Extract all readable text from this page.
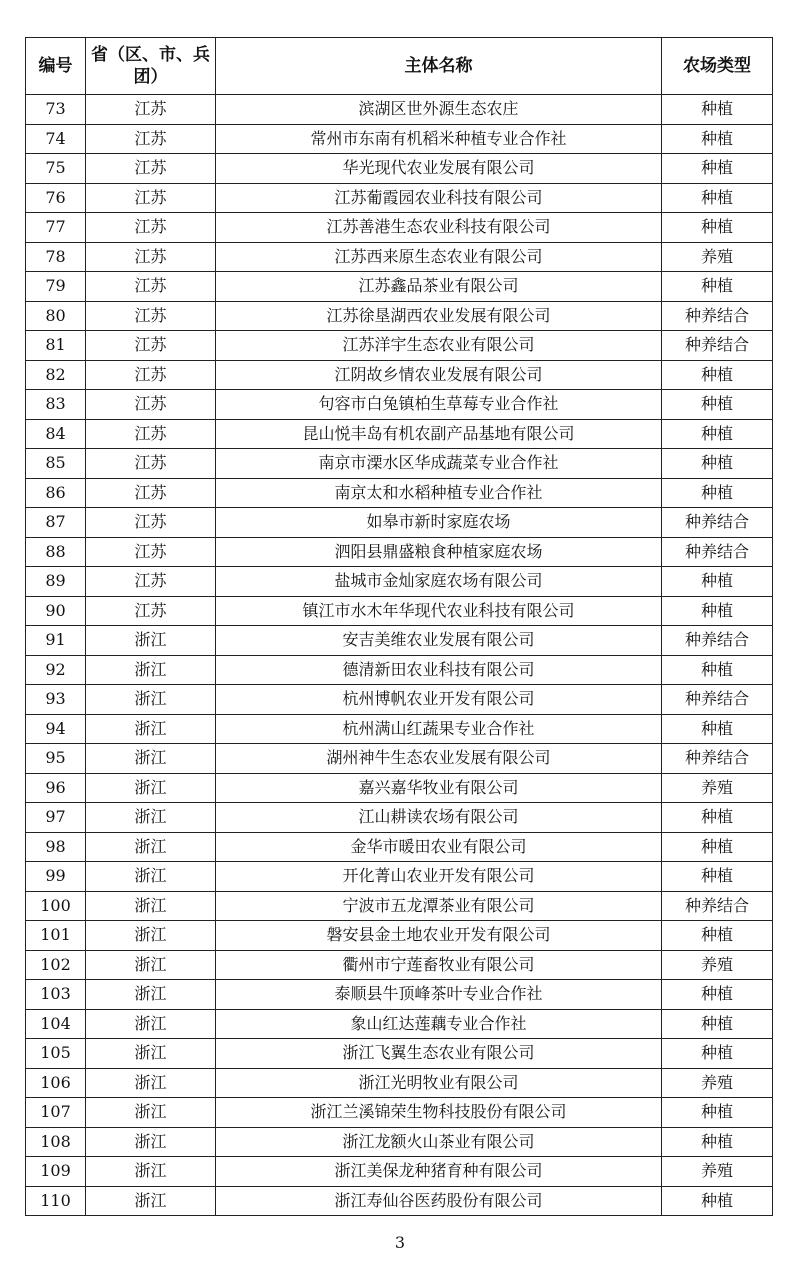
编号	省（区、市、兵团）	主体名称	农场类型
73	江苏	滨湖区世外源生态农庄	种植
74	江苏	常州市东南有机稻米种植专业合作社	种植
75	江苏	华光现代农业发展有限公司	种植
76	江苏	江苏葡霞园农业科技有限公司	种植
77	江苏	江苏善港生态农业科技有限公司	种植
78	江苏	江苏西来原生态农业有限公司	养殖
79	江苏	江苏鑫品茶业有限公司	种植
80	江苏	江苏徐垦湖西农业发展有限公司	种养结合
81	江苏	江苏洋宇生态农业有限公司	种养结合
82	江苏	江阴故乡情农业发展有限公司	种植
83	江苏	句容市白兔镇柏生草莓专业合作社	种植
84	江苏	昆山悦丰岛有机农副产品基地有限公司	种植
85	江苏	南京市溧水区华成蔬菜专业合作社	种植
86	江苏	南京太和水稻种植专业合作社	种植
87	江苏	如皋市新时家庭农场	种养结合
88	江苏	泗阳县鼎盛粮食种植家庭农场	种养结合
89	江苏	盐城市金灿家庭农场有限公司	种植
90	江苏	镇江市水木年华现代农业科技有限公司	种植
91	浙江	安吉美维农业发展有限公司	种养结合
92	浙江	德清新田农业科技有限公司	种植
93	浙江	杭州博帆农业开发有限公司	种养结合
94	浙江	杭州满山红蔬果专业合作社	种植
95	浙江	湖州神牛生态农业发展有限公司	种养结合
96	浙江	嘉兴嘉华牧业有限公司	养殖
97	浙江	江山耕读农场有限公司	种植
98	浙江	金华市暖田农业有限公司	种植
99	浙江	开化菁山农业开发有限公司	种植
100	浙江	宁波市五龙潭茶业有限公司	种养结合
101	浙江	磐安县金土地农业开发有限公司	种植
102	浙江	衢州市宁莲畜牧业有限公司	养殖
103	浙江	泰顺县牛顶峰茶叶专业合作社	种植
104	浙江	象山红达莲藕专业合作社	种植
105	浙江	浙江飞翼生态农业有限公司	种植
106	浙江	浙江光明牧业有限公司	养殖
107	浙江	浙江兰溪锦荣生物科技股份有限公司	种植
108	浙江	浙江龙额火山茶业有限公司	种植
109	浙江	浙江美保龙种猪育种有限公司	养殖
110	浙江	浙江寿仙谷医药股份有限公司	种植
3
